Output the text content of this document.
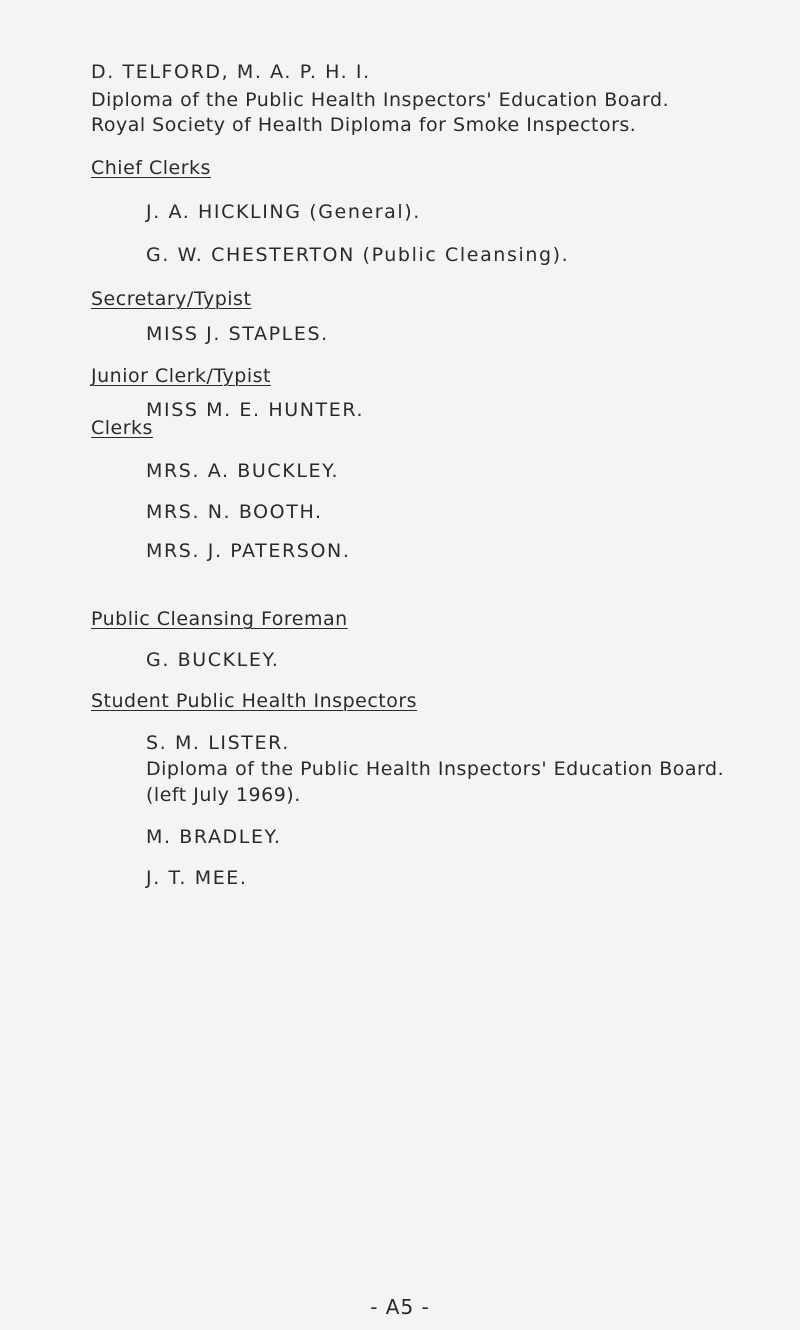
D. TELFORD, M. A. P. H. I.
Diploma of the Public Health Inspectors' Education Board.
Royal Society of Health Diploma for Smoke Inspectors.
Chief Clerks
J. A. HICKLING (General).
G. W. CHESTERTON (Public Cleansing).
Secretary/Typist
MISS J. STAPLES.
Junior Clerk/Typist
MISS M. E. HUNTER.
Clerks
MRS. A. BUCKLEY.
MRS. N. BOOTH.
MRS. J. PATERSON.
Public Cleansing Foreman
G. BUCKLEY.
Student Public Health Inspectors
S. M. LISTER.
Diploma of the Public Health Inspectors' Education Board.
(left July 1969).
M. BRADLEY.
J. T. MEE.
- A5 -
